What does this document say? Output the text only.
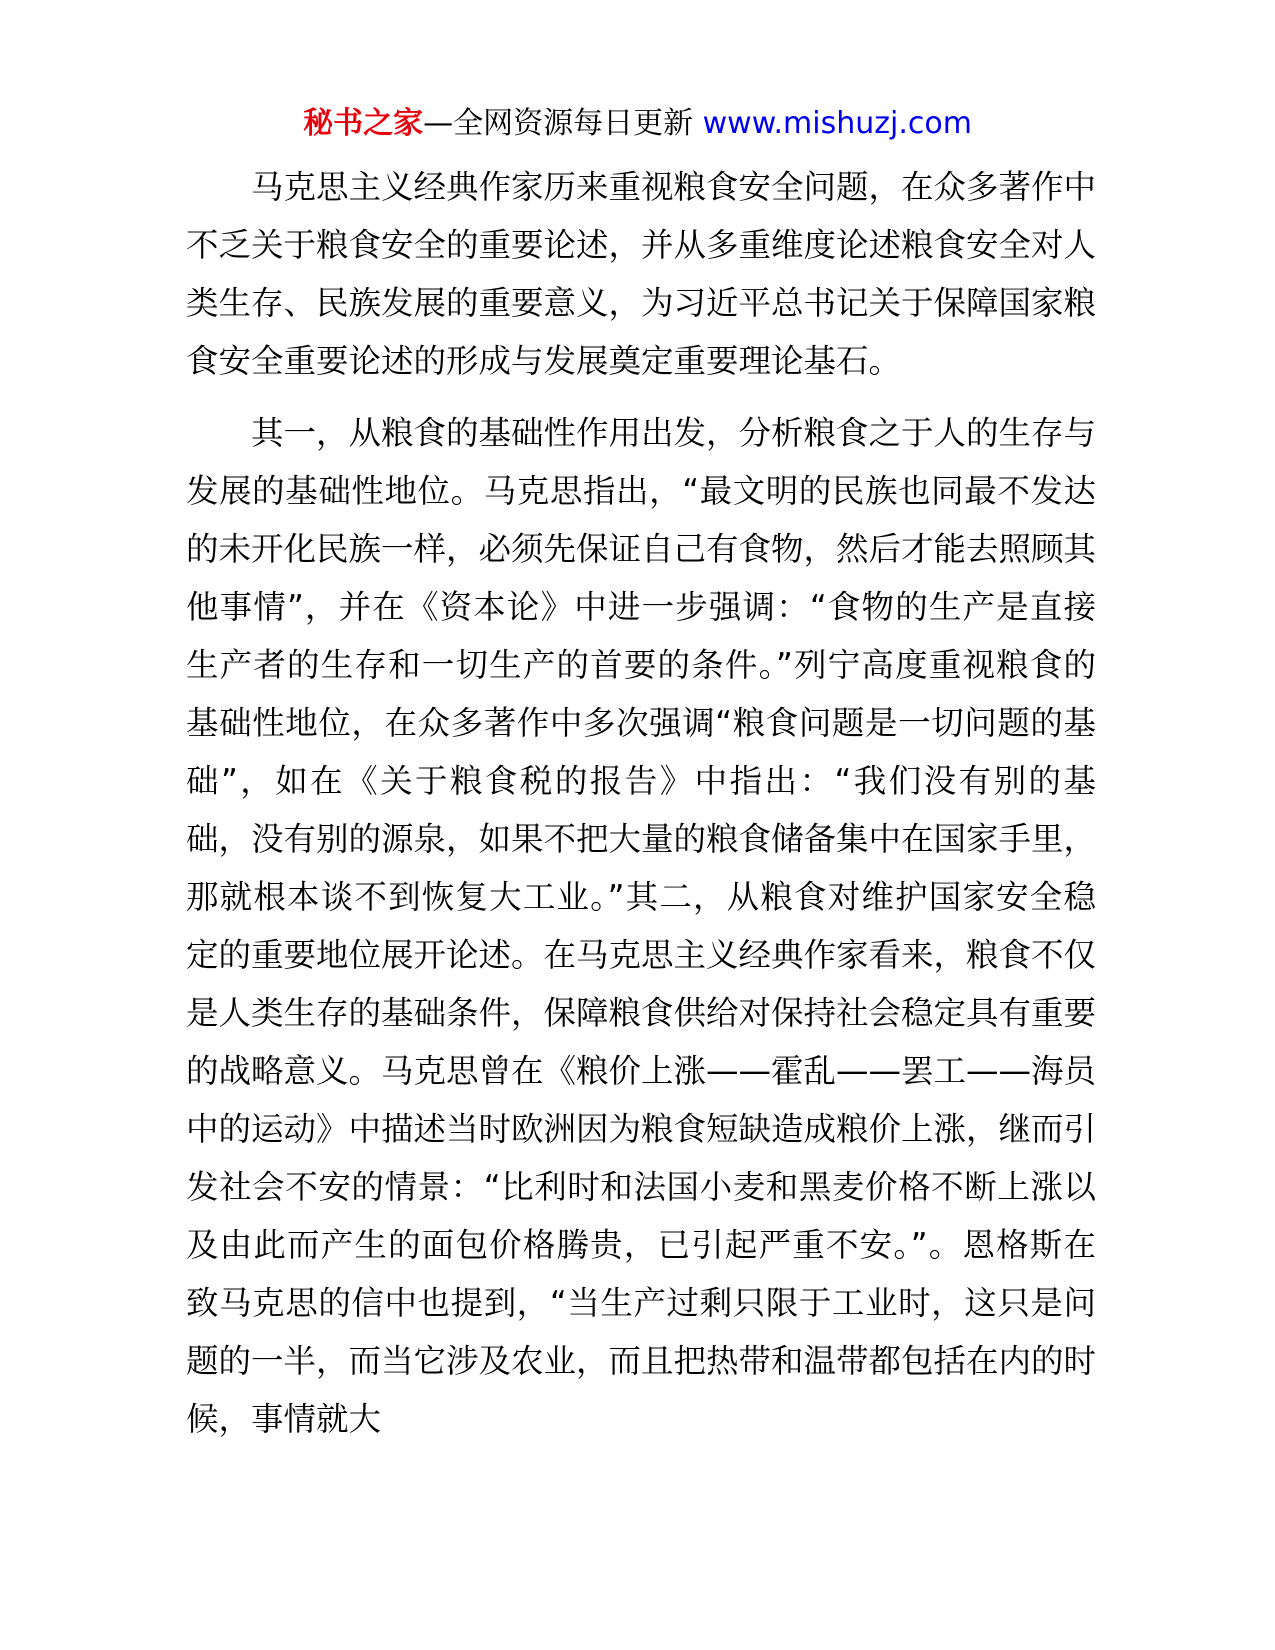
秘书之家—全网资源每日更新 www.mishuzj.com

马克思主义经典作家历来重视粮食安全问题，在众多著作中不乏关于粮食安全的重要论述，并从多重维度论述粮食安全对人类生存、民族发展的重要意义，为习近平总书记关于保障国家粮食安全重要论述的形成与发展奠定重要理论基石。

其一，从粮食的基础性作用出发，分析粮食之于人的生存与发展的基础性地位。马克思指出，“最文明的民族也同最不发达的未开化民族一样，必须先保证自己有食物，然后才能去照顾其他事情”，并在《资本论》中进一步强调：“食物的生产是直接生产者的生存和一切生产的首要的条件。”列宁高度重视粮食的基础性地位，在众多著作中多次强调“粮食问题是一切问题的基础”，如在《关于粮食税的报告》中指出：“我们没有别的基础，没有别的源泉，如果不把大量的粮食储备集中在国家手里，那就根本谈不到恢复大工业。”其二，从粮食对维护国家安全稳定的重要地位展开论述。在马克思主义经典作家看来，粮食不仅是人类生存的基础条件，保障粮食供给对保持社会稳定具有重要的战略意义。马克思曾在《粮价上涨——霍乱——罢工——海员中的运动》中描述当时欧洲因为粮食短缺造成粮价上涨，继而引发社会不安的情景：“比利时和法国小麦和黑麦价格不断上涨以及由此而产生的面包价格腾贵，已引起严重不安。”。恩格斯在致马克思的信中也提到，“当生产过剩只限于工业时，这只是问题的一半，而当它涉及农业，而且把热带和温带都包括在内的时候，事情就大
